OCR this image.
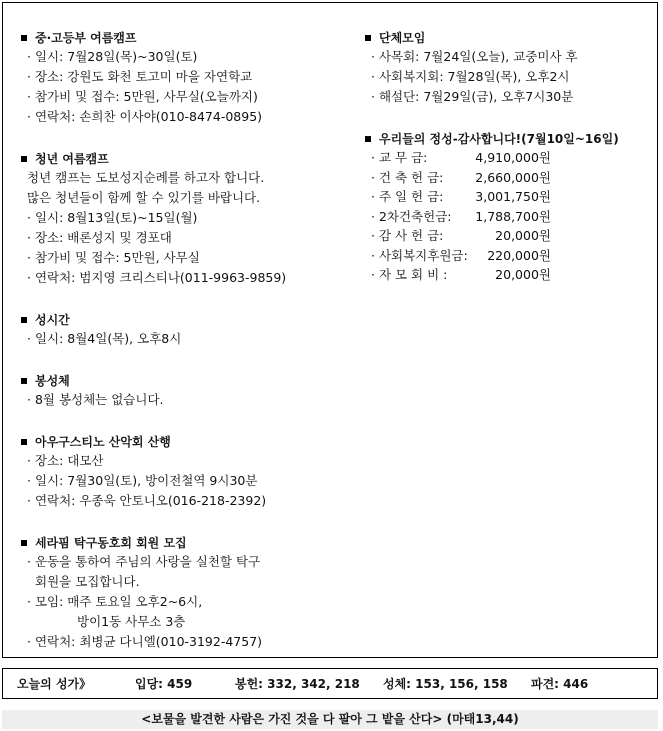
중·고등부 여름캠프
· 일시: 7월28일(목)~30일(토)
· 장소: 강원도 화천 토고미 마을 자연학교
· 참가비 및 접수: 5만원, 사무실(오늘까지)
· 연락처: 손희찬 이사야(010-8474-0895)
청년 여름캠프
청년 캠프는 도보성지순례를 하고자 합니다.
많은 청년들이 함께 할 수 있기를 바랍니다.
· 일시: 8월13일(토)~15일(월)
· 장소: 배론성지 및 경포대
· 참가비 및 접수: 5만원, 사무실
· 연락처: 범지영 크리스티나(011-9963-9859)
성시간
· 일시: 8월4일(목), 오후8시
봉성체
· 8월 봉성체는 없습니다.
아우구스티노 산악회 산행
· 장소: 대모산
· 일시: 7월30일(토), 방이전철역 9시30분
· 연락처: 우종욱 안토니오(016-218-2392)
세라핌 탁구동호회 회원 모집
· 운동을 통하여 주님의 사랑을 실천할 탁구
회원을 모집합니다.
· 모임: 매주 토요일 오후2~6시,
방이1동 사무소 3층
· 연락처: 최병균 다니엘(010-3192-4757)
단체모임
· 사목회: 7월24일(오늘), 교중미사 후
· 사회복지회: 7월28일(목), 오후2시
· 해설단: 7월29일(금), 오후7시30분
우리들의 정성-감사합니다!(7월10일~16일)
· 교 무 금:	4,910,000원
· 건 축 헌 금:	2,660,000원
· 주 일 헌 금:	3,001,750원
· 2차건축헌금:	1,788,700원
· 감 사 헌 금:	20,000원
· 사회복지후원금:	220,000원
· 자 모 회 비 :	20,000원
오늘의 성가》	입당: 459	봉헌: 332, 342, 218	성체: 153, 156, 158	파견: 446
<보물을 발견한 사람은 가진 것을 다 팔아 그 밭을 산다> (마태13,44)
